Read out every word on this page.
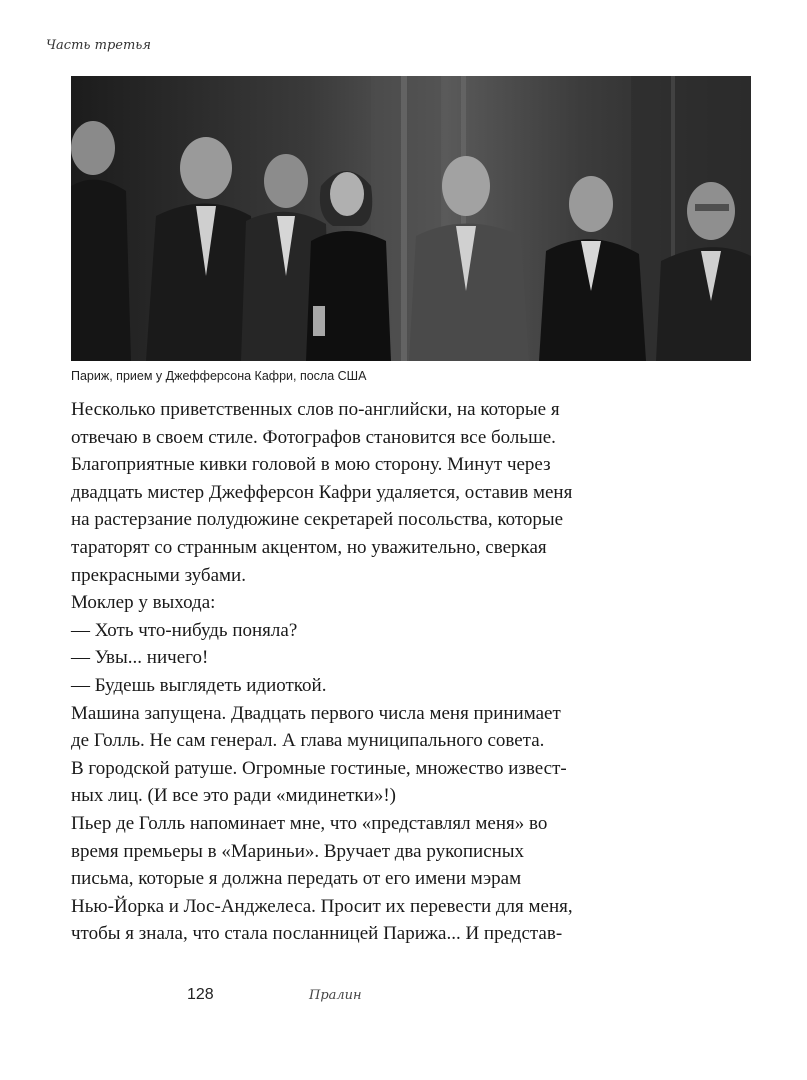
Часть третья
Париж, прием у Джефферсона Кафри, посла США
Несколько приветственных слов по-английски, на которые я
отвечаю в своем стиле. Фотографов становится все больше.
Благоприятные кивки головой в мою сторону. Минут через
двадцать мистер Джефферсон Кафри удаляется, оставив меня
на растерзание полудюжине секретарей посольства, которые
тараторят со странным акцентом, но уважительно, сверкая
прекрасными зубами.
Моклер у выхода:
— Хоть что-нибудь поняла?
— Увы... ничего!
— Будешь выглядеть идиоткой.
Машина запущена. Двадцать первого числа меня принимает
де Голль. Не сам генерал. А глава муниципального совета.
В городской ратуше. Огромные гостиные, множество извест-
ных лиц. (И все это ради «мидинетки»!)
Пьер де Голль напоминает мне, что «представлял меня» во
время премьеры в «Мариньи». Вручает два рукописных
письма, которые я должна передать от его имени мэрам
Нью-Йорка и Лос-Анджелеса. Просит их перевести для меня,
чтобы я знала, что стала посланницей Парижа... И представ-
128	Пралин
